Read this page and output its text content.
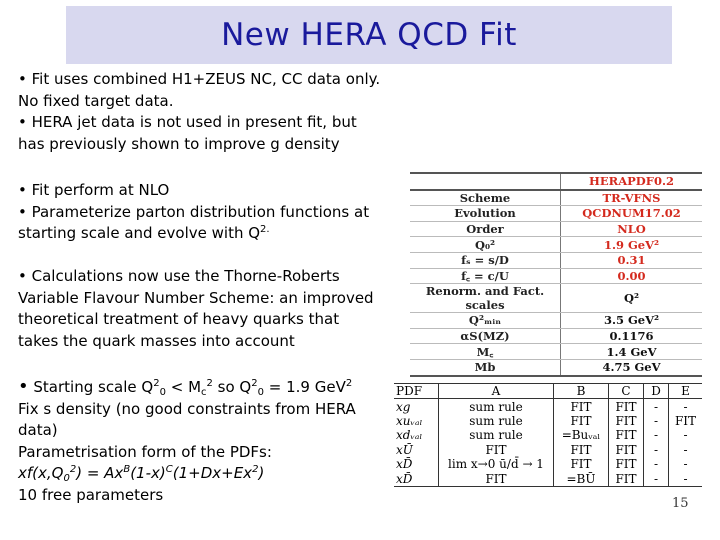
New HERA QCD Fit
• Fit uses combined H1+ZEUS NC, CC data only.
No fixed target data.
• HERA jet data is not used in present fit, but
has previously shown to improve g density
• Fit perform at NLO
• Parameterize parton distribution functions at
starting scale and evolve with $Q^{2.}$
• Calculations now use the Thorne-Roberts
Variable Flavour Number Scheme: an improved
theoretical treatment of heavy quarks that
takes the quark masses into account
• Starting scale $Q^2_0 < M_c^2$ so $Q^2_0 = 1.9$ GeV$^2$
Fix s density (no good constraints from HERA
data)
Parametrisation form of the PDFs:
$xf(x,Q_0^2) = Ax^B(1-x)^C(1+Dx+Ex^2)$
10 free parameters
	HERAPDF0.2
Scheme	TR-VFNS
Evolution	QCDNUM17.02
Order	NLO
Q₀²	1.9 GeV²
fₛ = s/D	0.31
f꜀ = c/U	0.00
Renorm. and Fact. scales	Q²
Q²ₘᵢₙ	3.5 GeV²
αS(MZ)	0.1176
M꜀	1.4 GeV
Mb	4.75 GeV
PDF	A	B	C	D	E
xg	sum rule	FIT	FIT	-	-
xuᵥₐₗ	sum rule	FIT	FIT	-	FIT
xdᵥₐₗ	sum rule	=Buᵥₐₗ	FIT	-	-
xŪ	FIT	FIT	FIT	-	-
xD̄	lim x→0 ū/d̄ → 1	FIT	FIT	-	-
xD̄	FIT	=BŪ	FIT	-	-
15
